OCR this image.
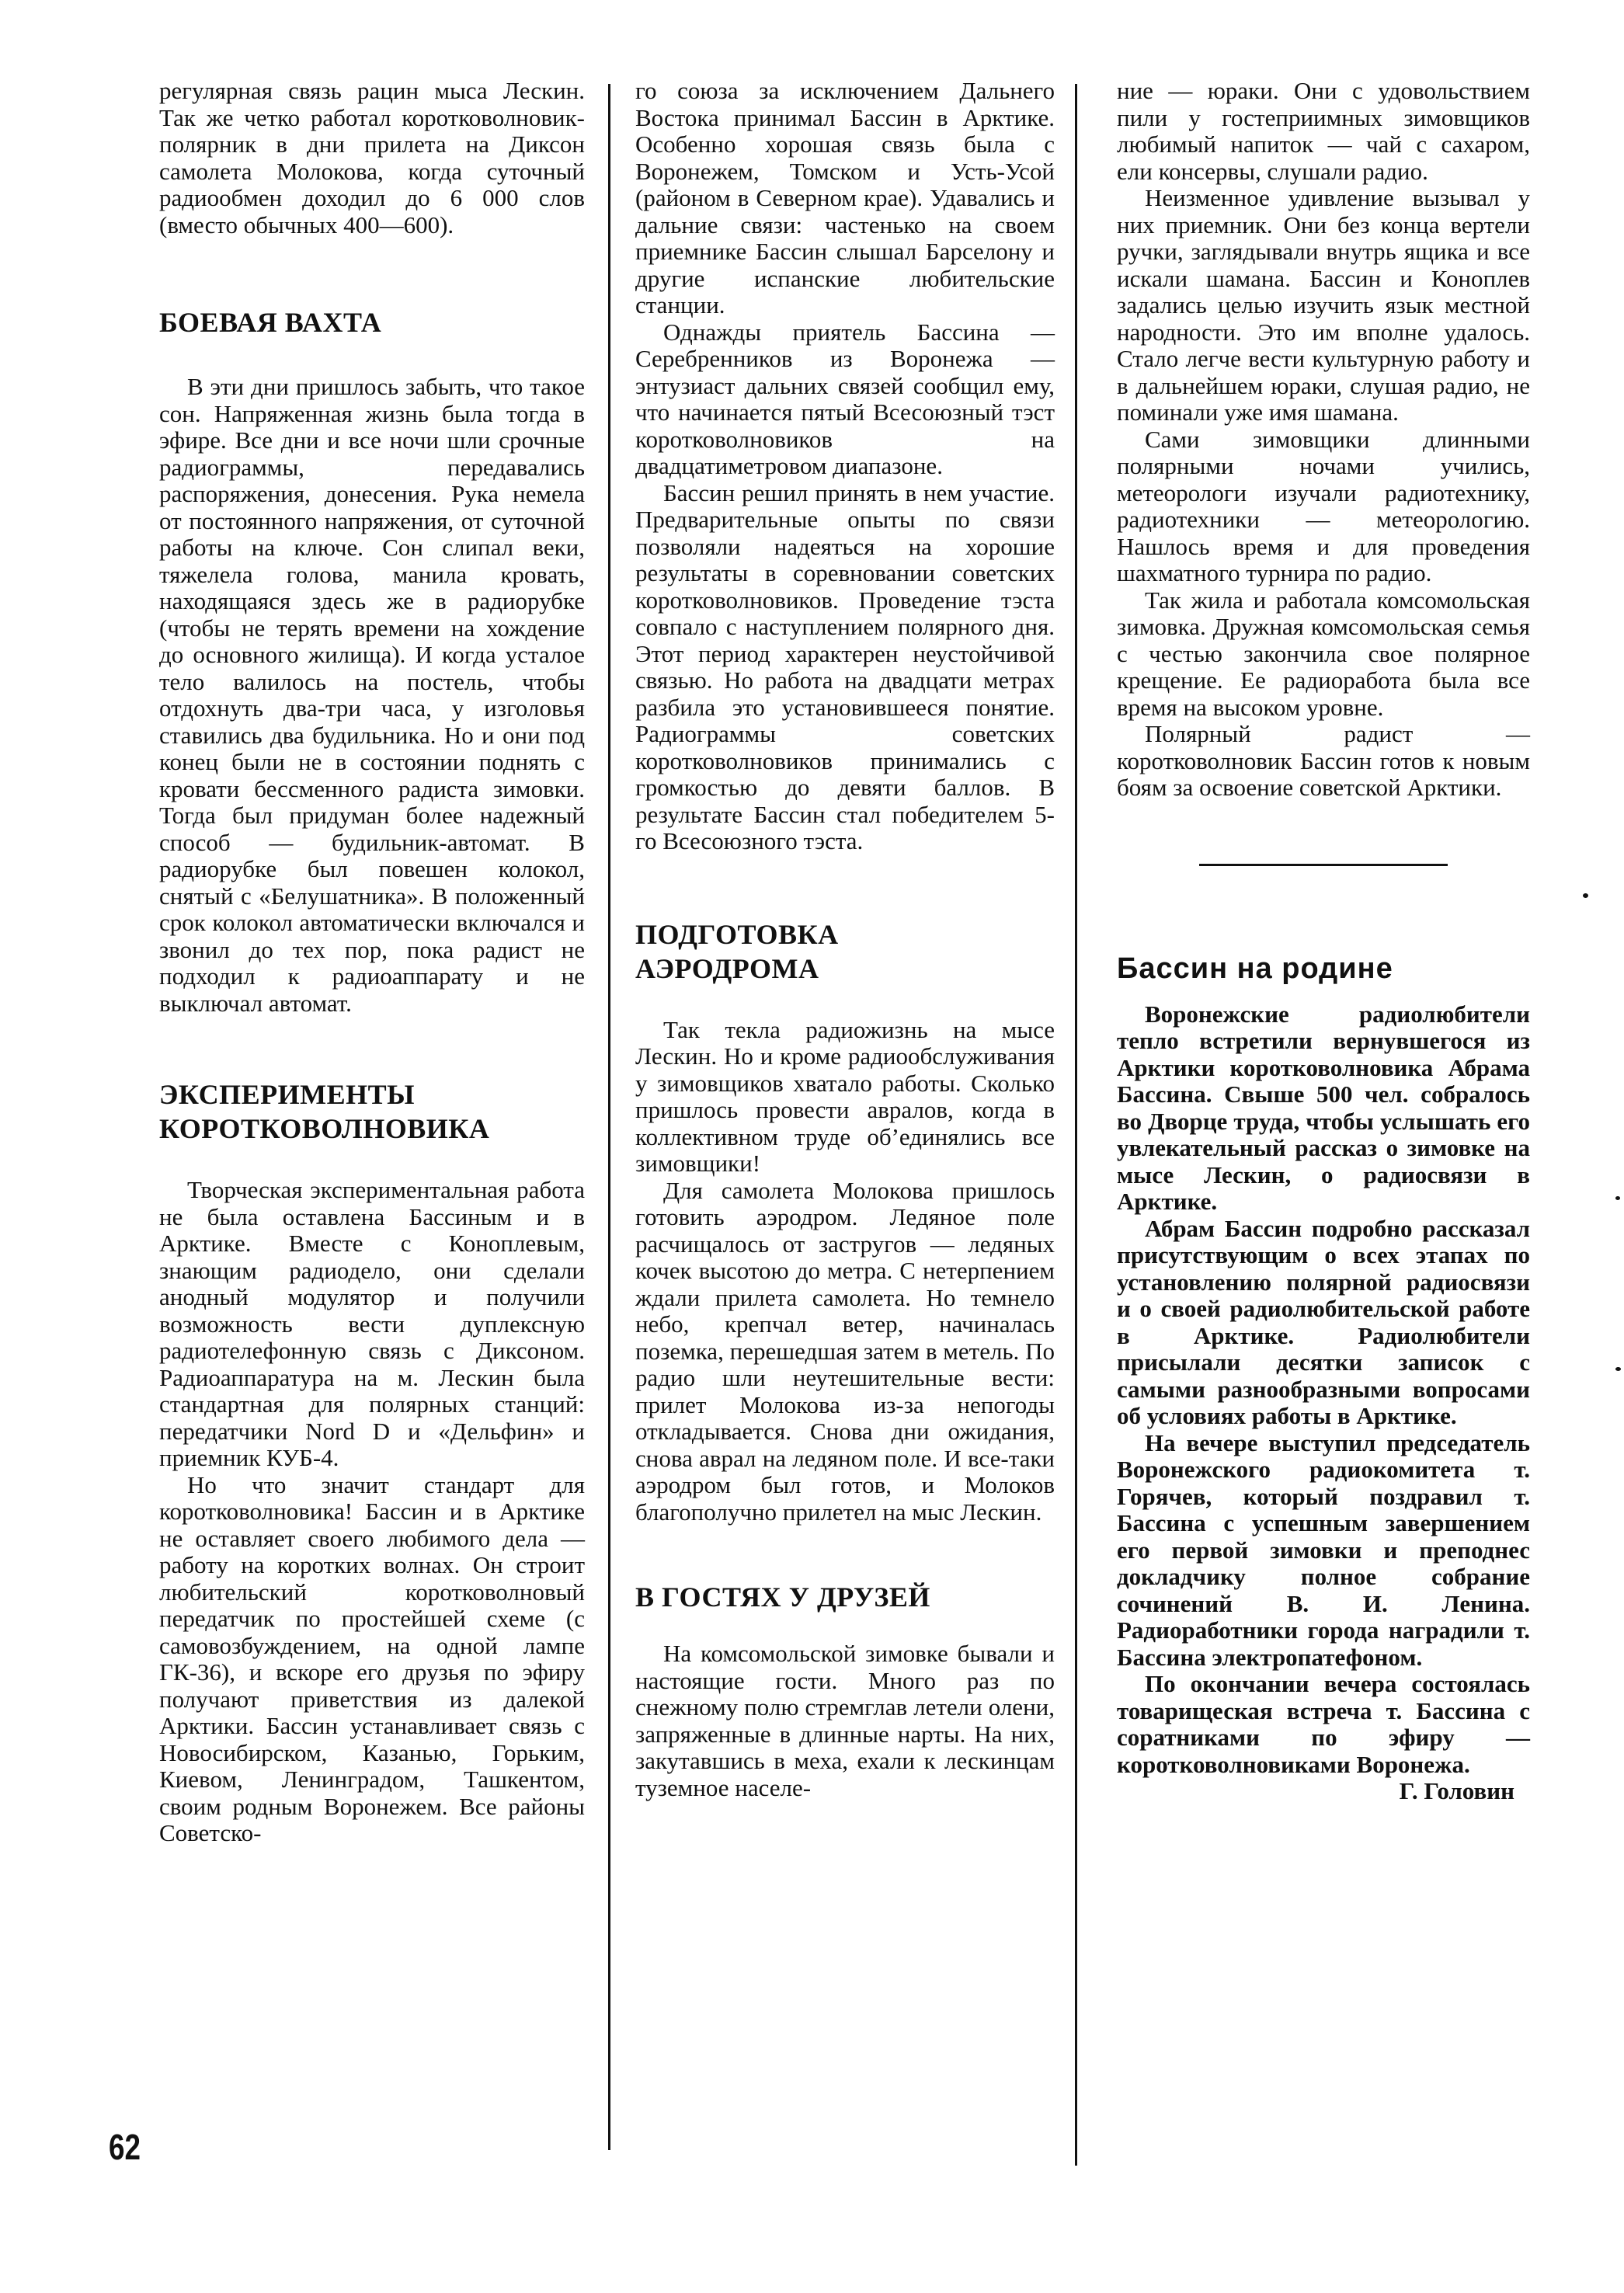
регулярная связь рацин мыса Лескин. Так же четко работал коротковолновик-полярник в дни прилета на Диксон самолета Молокова, когда суточный радиообмен доходил до 6 000 слов (вместо обычных 400—600).

БОЕВАЯ ВАХТА

В эти дни пришлось забыть, что такое сон. Напряженная жизнь была тогда в эфире. Все дни и все ночи шли срочные радиограммы, передавались распоряжения, донесения. Рука немела от постоянного напряжения, от суточной работы на ключе. Сон слипал веки, тяжелела голова, манила кровать, находящаяся здесь же в радиорубке (чтобы не терять времени на хождение до основного жилища). И когда усталое тело валилось на постель, чтобы отдохнуть два-три часа, у изголовья ставились два будильника. Но и они под конец были не в состоянии поднять с кровати бессменного радиста зимовки. Тогда был придуман более надежный способ — будильник-автомат. В радиорубке был повешен колокол, снятый с «Белушатника». В положенный срок колокол автоматически включался и звонил до тех пор, пока радист не подходил к радиоаппарату и не выключал автомат.

ЭКСПЕРИМЕНТЫ
КОРОТКОВОЛНОВИКА

Творческая экспериментальная работа не была оставлена Бассиным и в Арктике. Вместе с Коноплевым, знающим радиодело, они сделали анодный модулятор и получили возможность вести дуплексную радиотелефонную связь с Диксоном. Радиоаппаратура на м. Лескин была стандартная для полярных станций: передатчики Nord D и «Дельфин» и приемник КУБ-4.

Но что значит стандарт для коротковолновика! Бассин и в Арктике не оставляет своего любимого дела — работу на коротких волнах. Он строит любительский коротковолновый передатчик по простейшей схеме (с самовозбуждением, на одной лампе ГК-36), и вскоре его друзья по эфиру получают приветствия из далекой Арктики. Бассин устанавливает связь с Новосибирском, Казанью, Горьким, Киевом, Ленинградом, Ташкентом, своим родным Воронежем. Все районы Советско-

го союза за исключением Дальнего Востока принимал Бассин в Арктике. Особенно хорошая связь была с Воронежем, Томском и Усть-Усой (районом в Северном крае). Удавались и дальние связи: частенько на своем приемнике Бассин слышал Барселону и другие испанские любительские станции.

Однажды приятель Бассина — Серебренников из Воронежа — энтузиаст дальних связей сообщил ему, что начинается пятый Всесоюзный тэст коротковолновиков на двадцатиметровом диапазоне.

Бассин решил принять в нем участие. Предварительные опыты по связи позволяли надеяться на хорошие результаты в соревновании советских коротковолновиков. Проведение тэста совпало с наступлением полярного дня. Этот период характерен неустойчивой связью. Но работа на двадцати метрах разбила это установившееся понятие. Радиограммы советских коротковолновиков принимались с громкостью до девяти баллов. В результате Бассин стал победителем 5-го Всесоюзного тэста.

ПОДГОТОВКА
АЭРОДРОМА

Так текла радиожизнь на мысе Лескин. Но и кроме радиообслуживания у зимовщиков хватало работы. Сколько пришлось провести авралов, когда в коллективном труде об’единялись все зимовщики!

Для самолета Молокова пришлось готовить аэродром. Ледяное поле расчищалось от застругов — ледяных кочек высотою до метра. С нетерпением ждали прилета самолета. Но темнело небо, крепчал ветер, начиналась поземка, перешедшая затем в метель. По радио шли неутешительные вести: прилет Молокова из-за непогоды откладывается. Снова дни ожидания, снова аврал на ледяном поле. И все-таки аэродром был готов, и Молоков благополучно прилетел на мыс Лескин.

В ГОСТЯХ У ДРУЗЕЙ

На комсомольской зимовке бывали и настоящие гости. Много раз по снежному полю стремглав летели олени, запряженные в длинные нарты. На них, закутавшись в меха, ехали к лескинцам туземное населе-

ние — юраки. Они с удовольствием пили у гостеприимных зимовщиков любимый напиток — чай с сахаром, ели консервы, слушали радио.

Неизменное удивление вызывал у них приемник. Они без конца вертели ручки, заглядывали внутрь ящика и все искали шамана. Бассин и Коноплев задались целью изучить язык местной народности. Это им вполне удалось. Стало легче вести культурную работу и в дальнейшем юраки, слушая радио, не поминали уже имя шамана.

Сами зимовщики длинными полярными ночами учились, метеорологи изучали радиотехнику, радиотехники — метеорологию. Нашлось время и для проведения шахматного турнира по радио.

Так жила и работала комсомольская зимовка. Дружная комсомольская семья с честью закончила свое полярное крещение. Ее радиоработа была все время на высоком уровне.

Полярный радист — коротковолновик Бассин готов к новым боям за освоение советской Арктики.

Бассин на родине

Воронежские радиолюбители тепло встретили вернувшегося из Арктики коротковолновика Абрама Бассина. Свыше 500 чел. собралось во Дворце труда, чтобы услышать его увлекательный рассказ о зимовке на мысе Лескин, о радиосвязи в Арктике.

Абрам Бассин подробно рассказал присутствующим о всех этапах по установлению полярной радиосвязи и о своей радиолюбительской работе в Арктике. Радиолюбители присылали десятки записок с самыми разнообразными вопросами об условиях работы в Арктике.

На вечере выступил председатель Воронежского радиокомитета т. Горячев, который поздравил т. Бассина с успешным завершением его первой зимовки и преподнес докладчику полное собрание сочинений В. И. Ленина. Радиоработники города наградили т. Бассина электропатефоном.

По окончании вечера состоялась товарищеская встреча т. Бассина с соратниками по эфиру — коротковолновиками Воронежа.

Г. Головин

62
